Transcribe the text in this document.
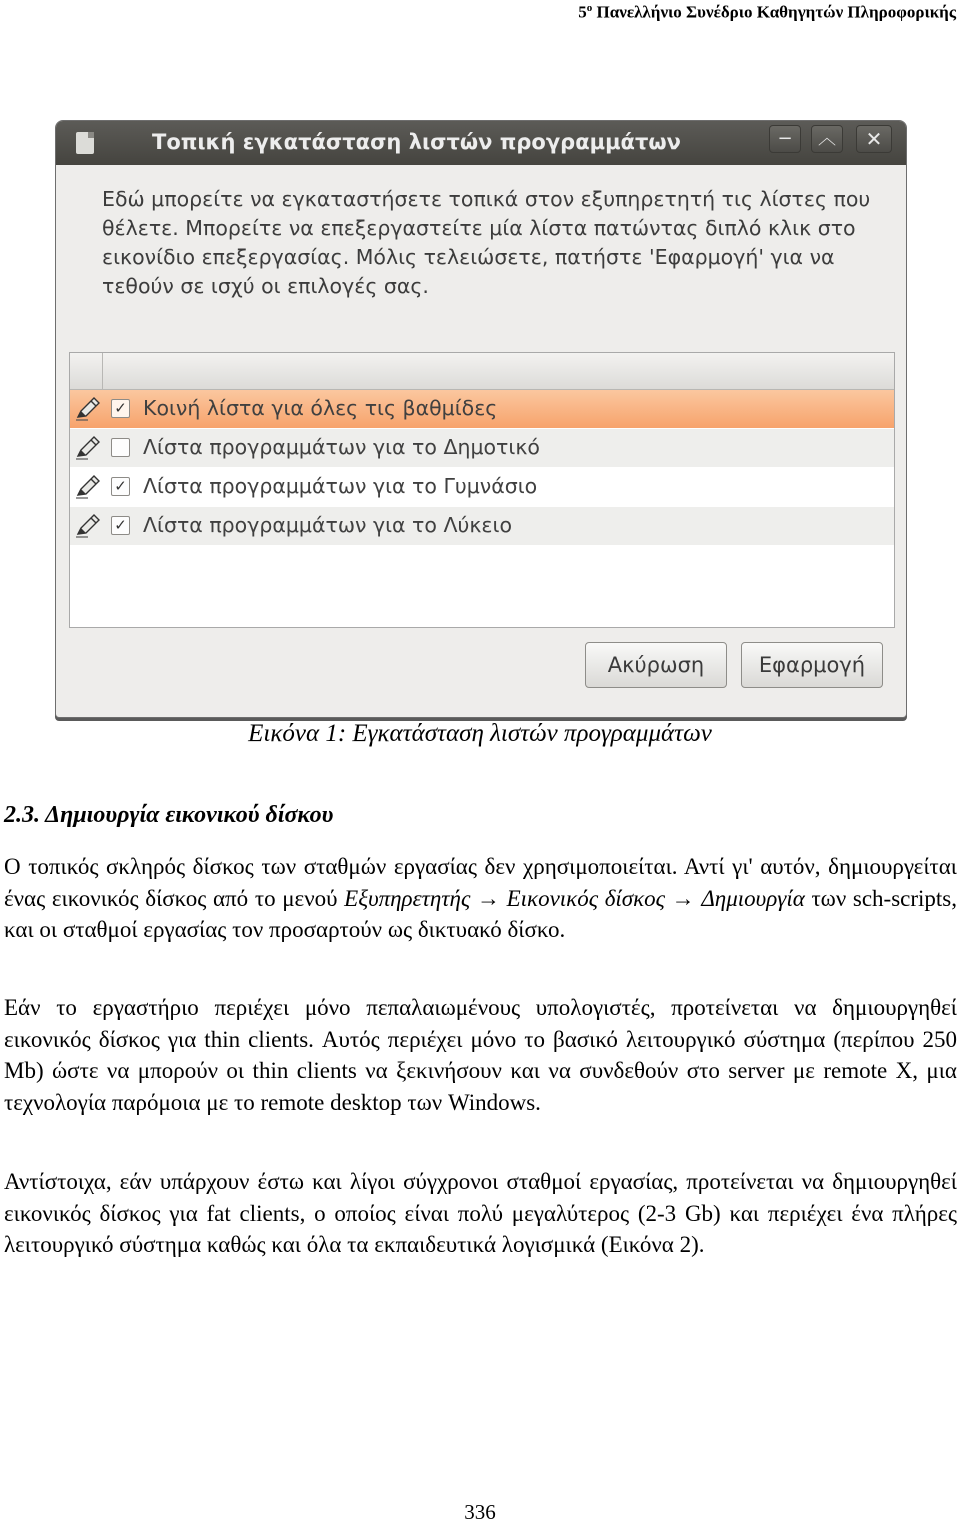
$5^o$ Πανελλήνιο Συνέδριο Καθηγητών Πληροφορικής
Τοπική εγκατάσταση λιστών προγραμμάτων	−	︿	✕
Εδώ μπορείτε να εγκαταστήσετε τοπικά στον εξυπηρετητή τις λίστες που θέλετε. Μπορείτε να επεξεργαστείτε μία λίστα πατώντας διπλό κλικ στο εικονίδιο επεξεργασίας. Μόλις τελειώσετε, πατήστε 'Εφαρμογή' για να τεθούν σε ισχύ οι επιλογές σας.
✓ Κοινή λίστα για όλες τις βαθμίδες
Λίστα προγραμμάτων για το Δημοτικό
✓ Λίστα προγραμμάτων για το Γυμνάσιο
✓ Λίστα προγραμμάτων για το Λύκειο
Ακύρωση	Εφαρμογή
Εικόνα 1: Εγκατάσταση λιστών προγραμμάτων
2.3. Δημιουργία εικονικού δίσκου

Ο τοπικός σκληρός δίσκος των σταθμών εργασίας δεν χρησιμοποιείται. Αντί γι' αυτόν, δημιουργείται ένας εικονικός δίσκος από το μενού Εξυπηρετητής → Εικονικός δίσκος → Δημιουργία των sch-scripts, και οι σταθμοί εργασίας τον προσαρτούν ως δικτυακό δίσκο.

Εάν το εργαστήριο περιέχει μόνο πεπαλαιωμένους υπολογιστές, προτείνεται να δημιουργηθεί εικονικός δίσκος για thin clients. Αυτός περιέχει μόνο το βασικό λειτουργικό σύστημα (περίπου 250 Mb) ώστε να μπορούν οι thin clients να ξεκινήσουν και να συνδεθούν στο server με remote X, μια τεχνολογία παρόμοια με το remote desktop των Windows.

Αντίστοιχα, εάν υπάρχουν έστω και λίγοι σύγχρονοι σταθμοί εργασίας, προτείνεται να δημιουργηθεί εικονικός δίσκος για fat clients, ο οποίος είναι πολύ μεγαλύτερος (2-3 Gb) και περιέχει ένα πλήρες λειτουργικό σύστημα καθώς και όλα τα εκπαιδευτικά λογισμικά (Εικόνα 2).

336
